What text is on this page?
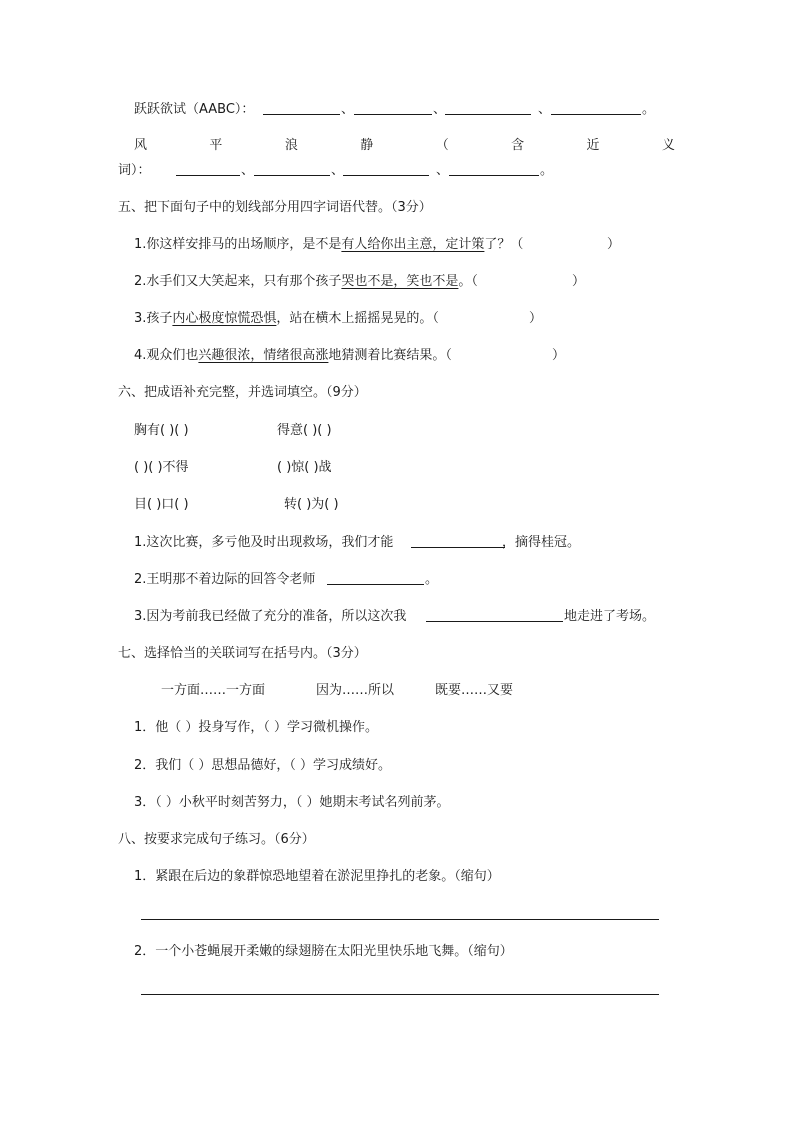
跃跃欲试（AABC）：	、	、	、	。
风	平	浪	静	（	含	近	义
词）：	、	、	、	。
五、把下面句子中的划线部分用四字词语代替。（3分）
1.你这样安排马的出场顺序，是不是有人给你出主意，定计策了？（	）
2.水手们又大笑起来，只有那个孩子哭也不是，笑也不是。（	）
3.孩子内心极度惊慌恐惧，站在横木上摇摇晃晃的。（	）
4.观众们也兴趣很浓，情绪很高涨地猜测着比赛结果。（	）
六、把成语补充完整，并选词填空。（9分）
胸有( )( )	得意( )( )
( )( )不得	( )惊( )战
目( )口( )	转( )为( )
1.这次比赛，多亏他及时出现救场，我们才能	，摘得桂冠。
2.王明那不着边际的回答令老师	。
3.因为考前我已经做了充分的准备，所以这次我	地走进了考场。
七、选择恰当的关联词写在括号内。（3分）
一方面……一方面	因为……所以	既要……又要
1．他（ ）投身写作，（ ）学习微机操作。
2．我们（ ）思想品德好，（ ）学习成绩好。
3．（ ）小秋平时刻苦努力，（ ）她期末考试名列前茅。
八、按要求完成句子练习。（6分）
1．紧跟在后边的象群惊恐地望着在淤泥里挣扎的老象。（缩句）
2．一个小苍蝇展开柔嫩的绿翅膀在太阳光里快乐地飞舞。（缩句）
